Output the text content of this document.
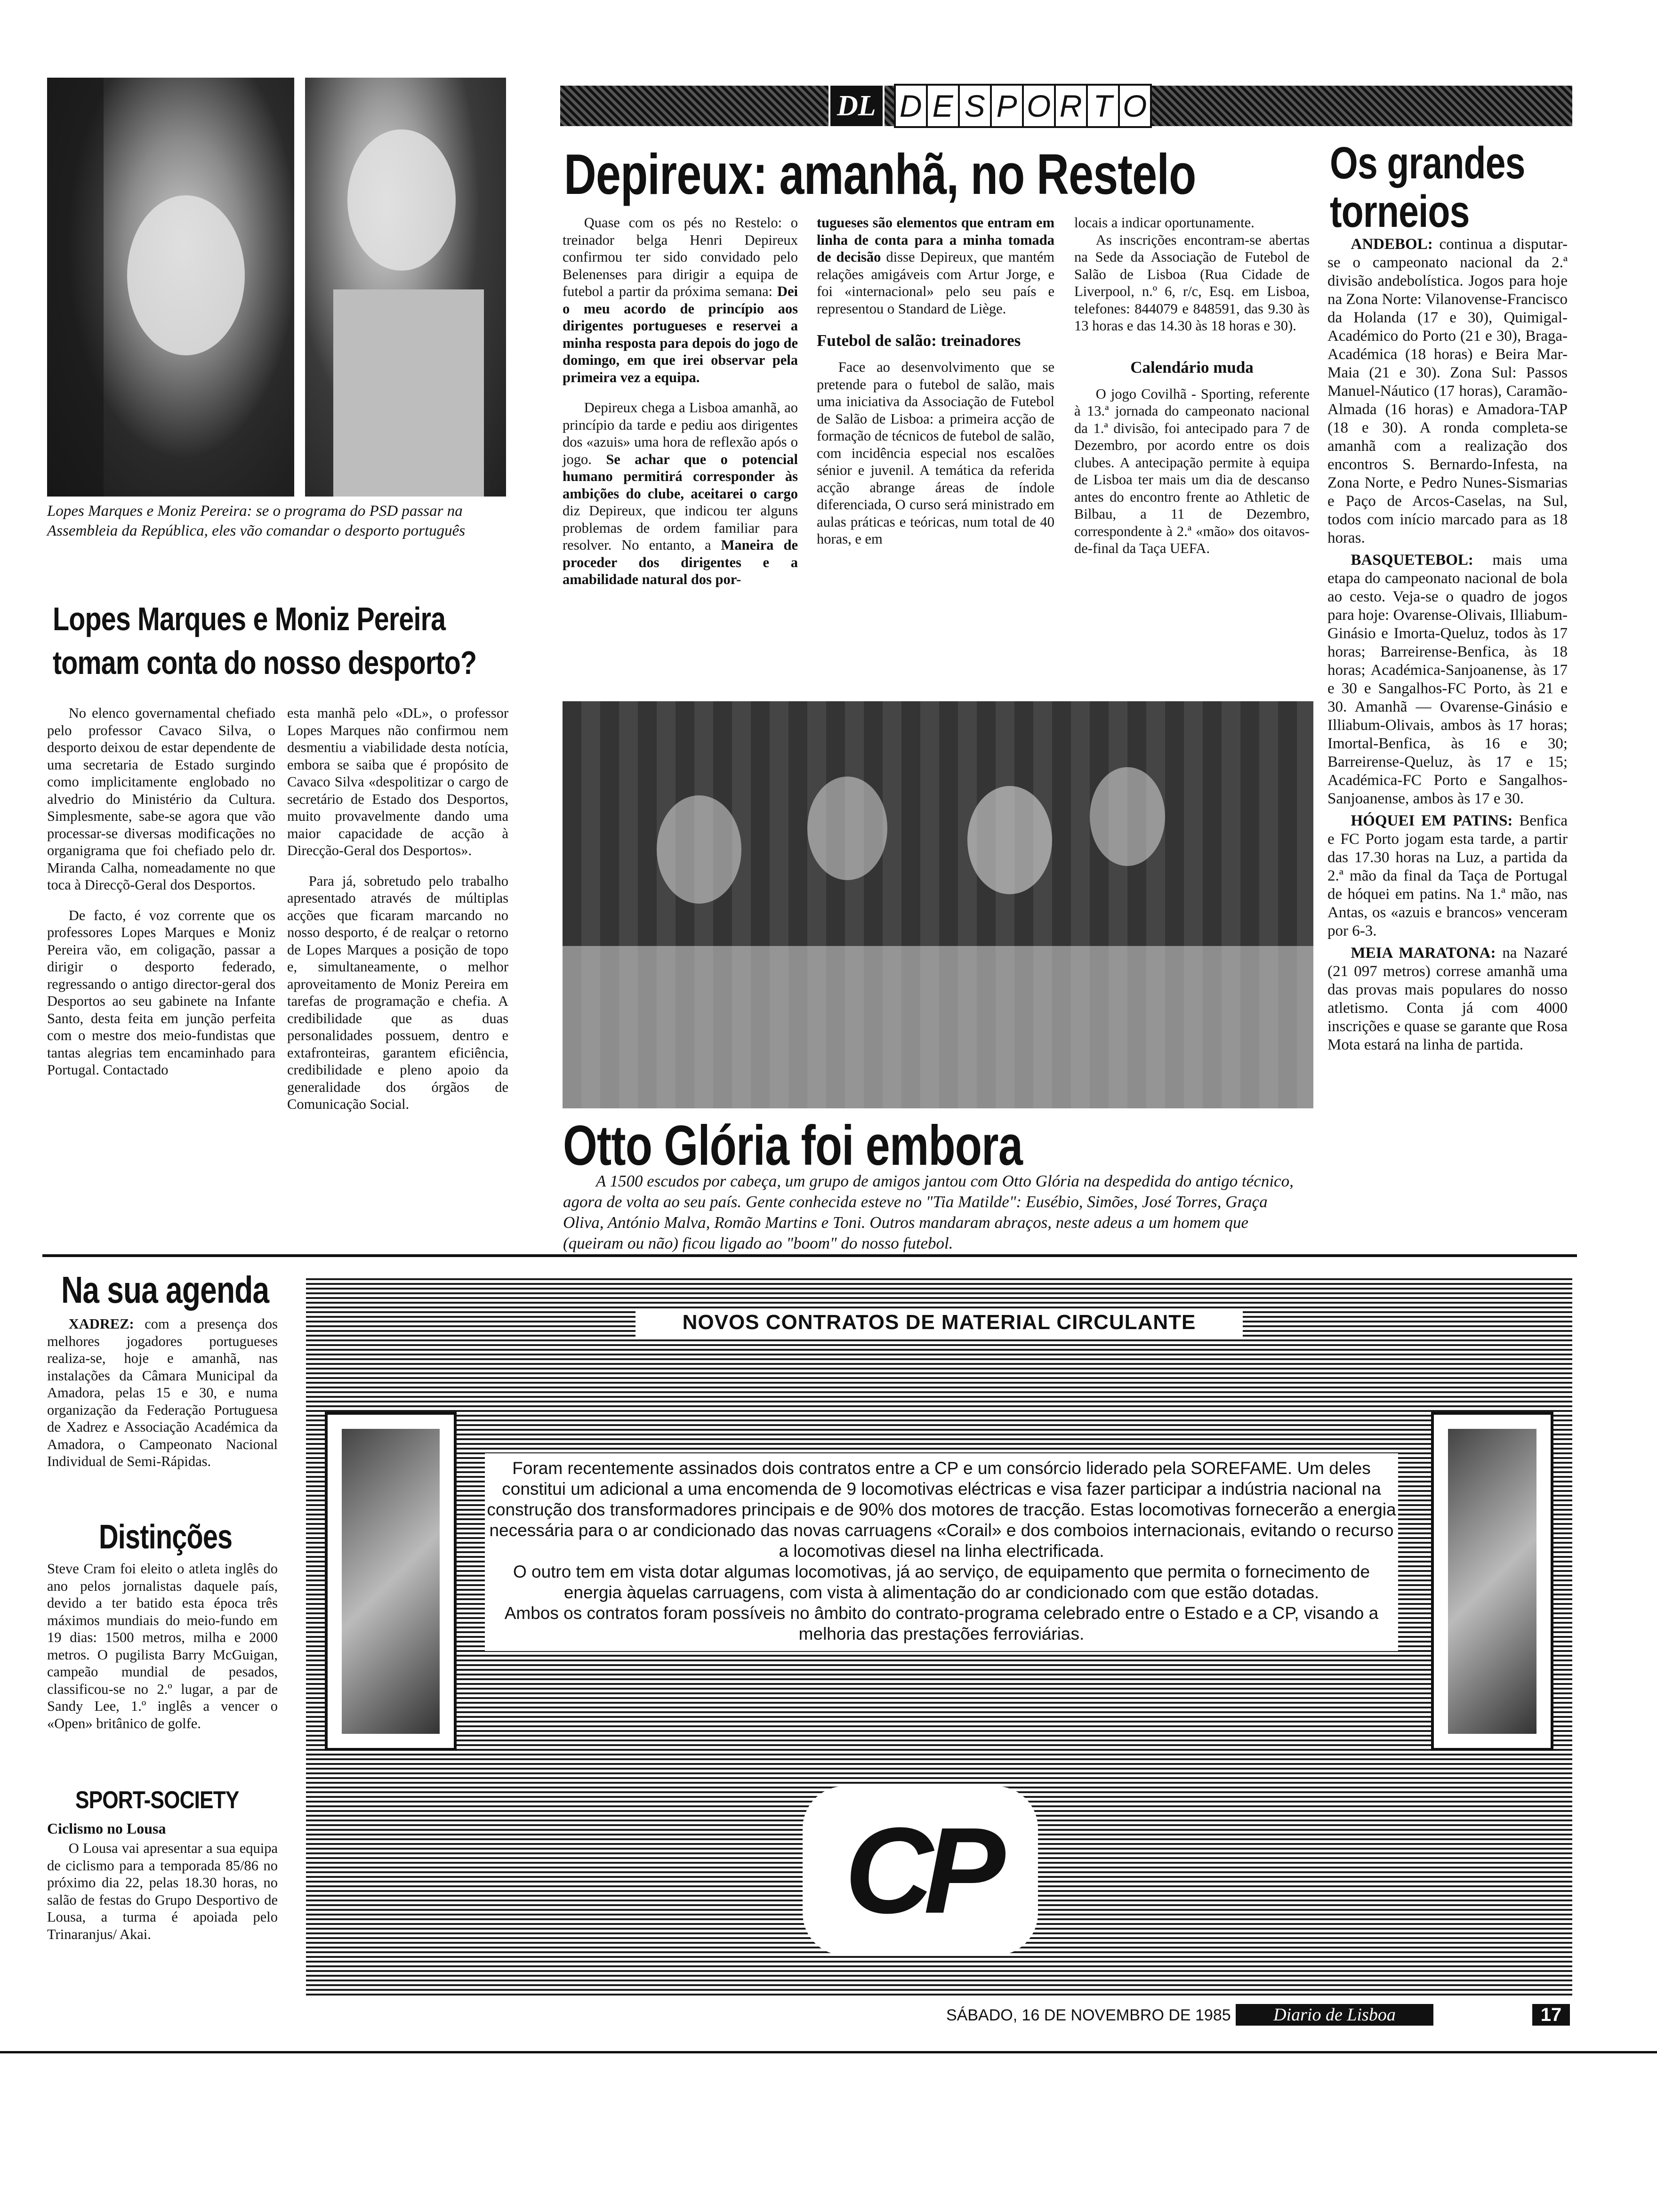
Lopes Marques e Moniz Pereira: se o programa do PSD passar na Assembleia da República, eles vão comandar o desporto português
Lopes Marques e Moniz Pereira
tomam conta do nosso desporto?

No elenco governamental chefiado pelo professor Cavaco Silva, o desporto deixou de estar dependente de uma secretaria de Estado surgindo como implicitamente englobado no alvedrio do Ministério da Cultura. Simplesmente, sabe-se agora que vão processar-se diversas modificações no organigrama que foi chefiado pelo dr. Miranda Calha, nomeadamente no que toca à Direcçõ-Geral dos Desportos.

De facto, é voz corrente que os professores Lopes Marques e Moniz Pereira vão, em coligação, passar a dirigir o desporto federado, regressando o antigo director-geral dos Desportos ao seu gabinete na Infante Santo, desta feita em junção perfeita com o mestre dos meio-fundistas que tantas alegrias tem encaminhado para Portugal. Contactado

esta manhã pelo «DL», o professor Lopes Marques não confirmou nem desmentiu a viabilidade desta notícia, embora se saiba que é propósito de Cavaco Silva «despolitizar o cargo de secretário de Estado dos Desportos, muito provavelmente dando uma maior capacidade de acção à Direcção-Geral dos Desportos».

Para já, sobretudo pelo trabalho apresentado através de múltiplas acções que ficaram marcando no nosso desporto, é de realçar o retorno de Lopes Marques a posição de topo e, simultaneamente, o melhor aproveitamento de Moniz Pereira em tarefas de programação e chefia. A credibilidade que as duas personalidades possuem, dentro e extafronteiras, garantem eficiência, credibilidade e pleno apoio da generalidade dos órgãos de Comunicação Social.

DL D E S P O R T O
Depireux: amanhã, no Restelo

Quase com os pés no Restelo: o treinador belga Henri Depireux confirmou ter sido convidado pelo Belenenses para dirigir a equipa de futebol a partir da próxima semana: Dei o meu acordo de princípio aos dirigentes portugueses e reservei a minha resposta para depois do jogo de domingo, em que irei observar pela primeira vez a equipa.

Depireux chega a Lisboa amanhã, ao princípio da tarde e pediu aos dirigentes dos «azuis» uma hora de reflexão após o jogo. Se achar que o potencial humano permitirá corresponder às ambições do clube, aceitarei o cargo diz Depireux, que indicou ter alguns problemas de ordem familiar para resolver. No entanto, a Maneira de proceder dos dirigentes e a amabilidade natural dos por-

tugueses são elementos que entram em linha de conta para a minha tomada de decisão disse Depireux, que mantém relações amigáveis com Artur Jorge, e foi «internacional» pelo seu país e representou o Standard de Liège.

Futebol de salão: treinadores

Face ao desenvolvimento que se pretende para o futebol de salão, mais uma iniciativa da Associação de Futebol de Salão de Lisboa: a primeira acção de formação de técnicos de futebol de salão, com incidência especial nos escalões sénior e juvenil. A temática da referida acção abrange áreas de índole diferenciada, O curso será ministrado em aulas práticas e teóricas, num total de 40 horas, e em

locais a indicar oportunamente.

As inscrições encontram-se abertas na Sede da Associação de Futebol de Salão de Lisboa (Rua Cidade de Liverpool, n.º 6, r/c, Esq. em Lisboa, telefones: 844079 e 848591, das 9.30 às 13 horas e das 14.30 às 18 horas e 30).

Calendário muda

O jogo Covilhã - Sporting, referente à 13.ª jornada do campeonato nacional da 1.ª divisão, foi antecipado para 7 de Dezembro, por acordo entre os dois clubes. A antecipação permite à equipa de Lisboa ter mais um dia de descanso antes do encontro frente ao Athletic de Bilbau, a 11 de Dezembro, correspondente à 2.ª «mão» dos oitavos-de-final da Taça UEFA.

Otto Glória foi embora
A 1500 escudos por cabeça, um grupo de amigos jantou com Otto Glória na despedida do antigo técnico, agora de volta ao seu país. Gente conhecida esteve no "Tia Matilde": Eusébio, Simões, José Torres, Graça Oliva, António Malva, Romão Martins e Toni. Outros mandaram abraços, neste adeus a um homem que (queiram ou não) ficou ligado ao "boom" do nosso futebol.
Os grandes
torneios

ANDEBOL: continua a disputar-se o campeonato nacional da 2.ª divisão andebolística. Jogos para hoje na Zona Norte: Vilanovense-Francisco da Holanda (17 e 30), Quimigal-Académico do Porto (21 e 30), Braga-Académica (18 horas) e Beira Mar-Maia (21 e 30). Zona Sul: Passos Manuel-Náutico (17 horas), Caramão-Almada (16 horas) e Amadora-TAP (18 e 30). A ronda completa-se amanhã com a realização dos encontros S. Bernardo-Infesta, na Zona Norte, e Pedro Nunes-Sismarias e Paço de Arcos-Caselas, na Sul, todos com início marcado para as 18 horas.

BASQUETEBOL: mais uma etapa do campeonato nacional de bola ao cesto. Veja-se o quadro de jogos para hoje: Ovarense-Olivais, Illiabum-Ginásio e Imorta-Queluz, todos às 17 horas; Barreirense-Benfica, às 18 horas; Académica-Sanjoanense, às 17 e 30 e Sangalhos-FC Porto, às 21 e 30. Amanhã — Ovarense-Ginásio e Illiabum-Olivais, ambos às 17 horas; Imortal-Benfica, às 16 e 30; Barreirense-Queluz, às 17 e 15; Académica-FC Porto e Sangalhos-Sanjoanense, ambos às 17 e 30.

HÓQUEI EM PATINS: Benfica e FC Porto jogam esta tarde, a partir das 17.30 horas na Luz, a partida da 2.ª mão da final da Taça de Portugal de hóquei em patins. Na 1.ª mão, nas Antas, os «azuis e brancos» venceram por 6-3.

MEIA MARATONA: na Nazaré (21 097 metros) correse amanhã uma das provas mais populares do nosso atletismo. Conta já com 4000 inscrições e quase se garante que Rosa Mota estará na linha de partida.

Na sua agenda

XADREZ: com a presença dos melhores jogadores portugueses realiza-se, hoje e amanhã, nas instalações da Câmara Municipal da Amadora, pelas 15 e 30, e numa organização da Federação Portuguesa de Xadrez e Associação Académica da Amadora, o Campeonato Nacional Individual de Semi-Rápidas.

Distinções

Steve Cram foi eleito o atleta inglês do ano pelos jornalistas daquele país, devido a ter batido esta época três máximos mundiais do meio-fundo em 19 dias: 1500 metros, milha e 2000 metros. O pugilista Barry McGuigan, campeão mundial de pesados, classificou-se no 2.º lugar, a par de Sandy Lee, 1.º inglês a vencer o «Open» britânico de golfe.

SPORT-SOCIETY
Ciclismo no Lousa

O Lousa vai apresentar a sua equipa de ciclismo para a temporada 85/86 no próximo dia 22, pelas 18.30 horas, no salão de festas do Grupo Desportivo de Lousa, a turma é apoiada pelo Trinaranjus/ Akai.

NOVOS CONTRATOS DE MATERIAL CIRCULANTE
Foram recentemente assinados dois contratos entre a CP e um consórcio liderado pela SOREFAME. Um deles constitui um adicional a uma encomenda de 9 locomotivas eléctricas e visa fazer participar a indústria nacional na construção dos transformadores principais e de 90% dos motores de tracção. Estas locomotivas fornecerão a energia necessária para o ar condicionado das novas carruagens «Corail» e dos comboios internacionais, evitando o recurso a locomotivas diesel na linha electrificada.
O outro tem em vista dotar algumas locomotivas, já ao serviço, de equipamento que permita o fornecimento de energia àquelas carruagens, com vista à alimentação do ar condicionado com que estão dotadas.
Ambos os contratos foram possíveis no âmbito do contrato-programa celebrado entre o Estado e a CP, visando a melhoria das prestações ferroviárias.
CP
SÁBADO, 16 DE NOVEMBRO DE 1985	Diario de Lisboa	17
